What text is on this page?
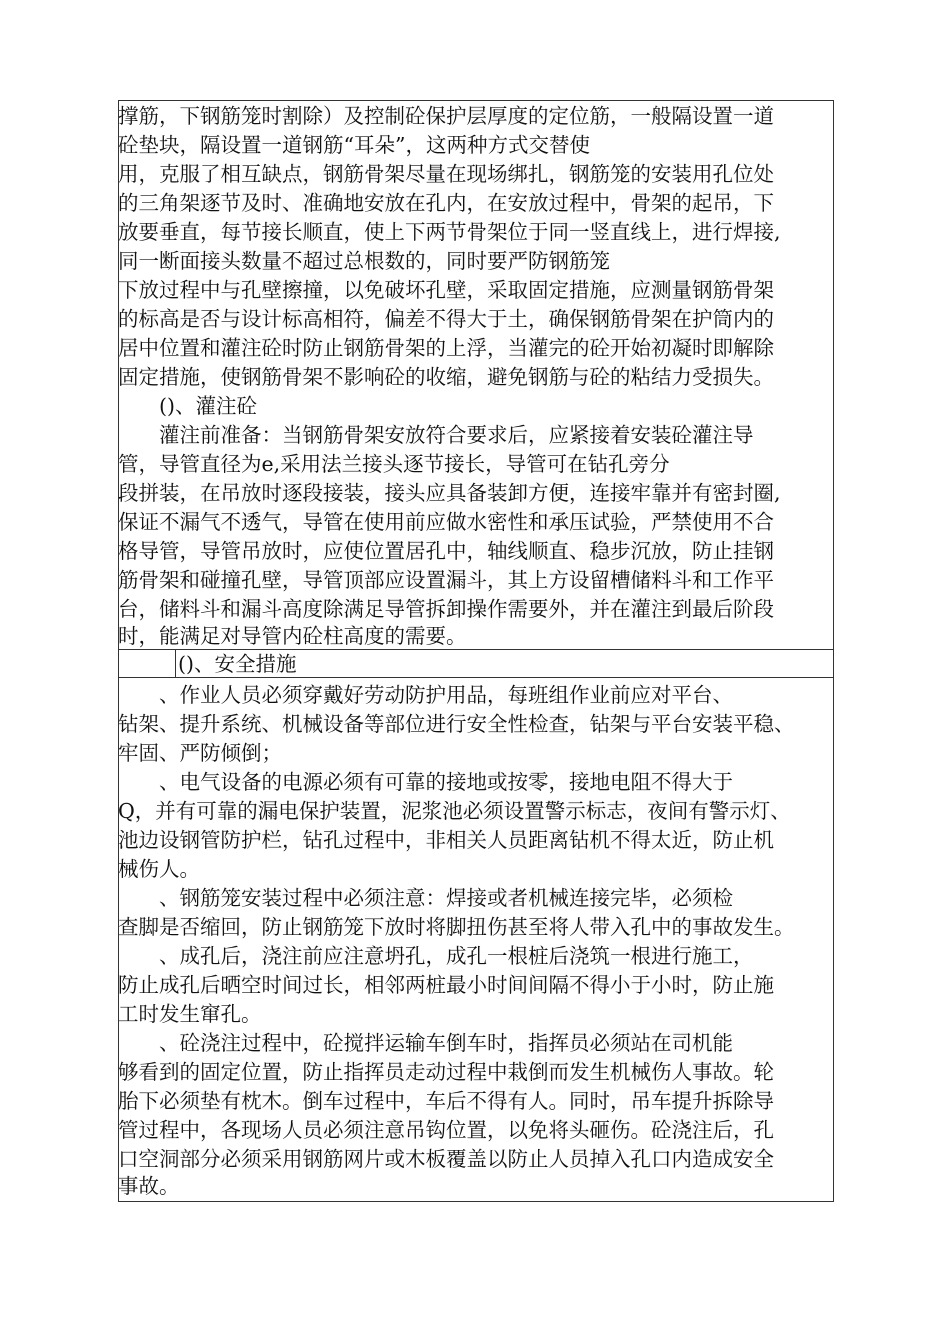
撑筋，下钢筋笼时割除）及控制砼保护层厚度的定位筋，一般隔设置一道
砼垫块，隔设置一道钢筋“耳朵”，这两种方式交替使
用，克服了相互缺点，钢筋骨架尽量在现场绑扎，钢筋笼的安装用孔位处
的三角架逐节及时、准确地安放在孔内，在安放过程中，骨架的起吊，下
放要垂直，每节接长顺直，使上下两节骨架位于同一竖直线上，进行焊接,
同一断面接头数量不超过总根数的，同时要严防钢筋笼
下放过程中与孔壁擦撞，以免破坏孔壁，采取固定措施，应测量钢筋骨架
的标高是否与设计标高相符，偏差不得大于土，确保钢筋骨架在护筒内的
居中位置和灌注砼时防止钢筋骨架的上浮，当灌完的砼开始初凝时即解除
固定措施，使钢筋骨架不影响砼的收缩，避免钢筋与砼的粘结力受损失。
　　()、灌注砼
　　灌注前准备：当钢筋骨架安放符合要求后，应紧接着安装砼灌注导
管，导管直径为e,采用法兰接头逐节接长，导管可在钻孔旁分
段拼装，在吊放时逐段接装，接头应具备装卸方便，连接牢靠并有密封圈,
保证不漏气不透气，导管在使用前应做水密性和承压试验，严禁使用不合
格导管，导管吊放时，应使位置居孔中，轴线顺直、稳步沉放，防止挂钢
筋骨架和碰撞孔壁，导管顶部应设置漏斗，其上方设留槽储料斗和工作平
台，储料斗和漏斗高度除满足导管拆卸操作需要外，并在灌注到最后阶段
时，能满足对导管内砼柱高度的需要。
()、安全措施
　　、作业人员必须穿戴好劳动防护用品，每班组作业前应对平台、
钻架、提升系统、机械设备等部位进行安全性检查，钻架与平台安装平稳、
牢固、严防倾倒；
　　、电气设备的电源必须有可靠的接地或按零，接地电阻不得大于
Q，并有可靠的漏电保护装置，泥浆池必须设置警示标志，夜间有警示灯、
池边设钢管防护栏，钻孔过程中，非相关人员距离钻机不得太近，防止机
械伤人。
　　、钢筋笼安装过程中必须注意：焊接或者机械连接完毕，必须检
查脚是否缩回，防止钢筋笼下放时将脚扭伤甚至将人带入孔中的事故发生。
　　、成孔后，浇注前应注意坍孔，成孔一根桩后浇筑一根进行施工，
防止成孔后晒空时间过长，相邻两桩最小时间间隔不得小于小时，防止施
工时发生窜孔。
　　、砼浇注过程中，砼搅拌运输车倒车时，指挥员必须站在司机能
够看到的固定位置，防止指挥员走动过程中栽倒而发生机械伤人事故。轮
胎下必须垫有枕木。倒车过程中，车后不得有人。同时，吊车提升拆除导
管过程中，各现场人员必须注意吊钩位置，以免将头砸伤。砼浇注后，孔
口空洞部分必须采用钢筋网片或木板覆盖以防止人员掉入孔口内造成安全
事故。
